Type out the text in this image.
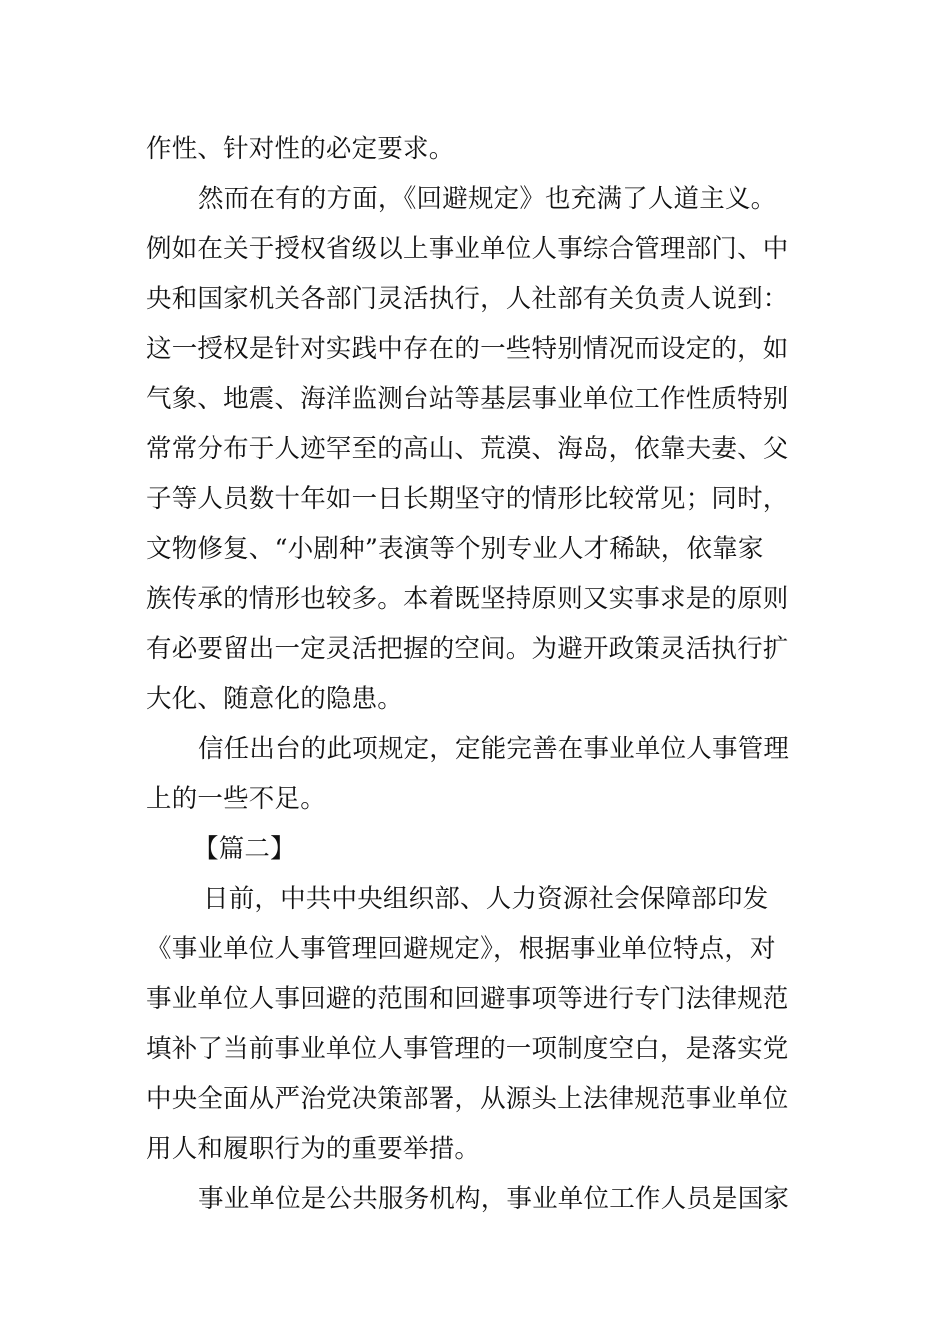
作性、针对性的必定要求。

然而在有的方面，《回避规定》也充满了人道主义。

例如在关于授权省级以上事业单位人事综合管理部门、中

央和国家机关各部门灵活执行，人社部有关负责人说到：

这一授权是针对实践中存在的一些特别情况而设定的，如

气象、地震、海洋监测台站等基层事业单位工作性质特别

常常分布于人迹罕至的高山、荒漠、海岛，依靠夫妻、父

子等人员数十年如一日长期坚守的情形比较常见；同时，

文物修复、“小剧种”表演等个别专业人才稀缺，依靠家

族传承的情形也较多。本着既坚持原则又实事求是的原则

有必要留出一定灵活把握的空间。为避开政策灵活执行扩

大化、随意化的隐患。

信任出台的此项规定，定能完善在事业单位人事管理

上的一些不足。

【篇二】

日前，中共中央组织部、人力资源社会保障部印发

《事业单位人事管理回避规定》，根据事业单位特点，对

事业单位人事回避的范围和回避事项等进行专门法律规范

填补了当前事业单位人事管理的一项制度空白，是落实党

中央全面从严治党决策部署，从源头上法律规范事业单位

用人和履职行为的重要举措。

事业单位是公共服务机构，事业单位工作人员是国家
